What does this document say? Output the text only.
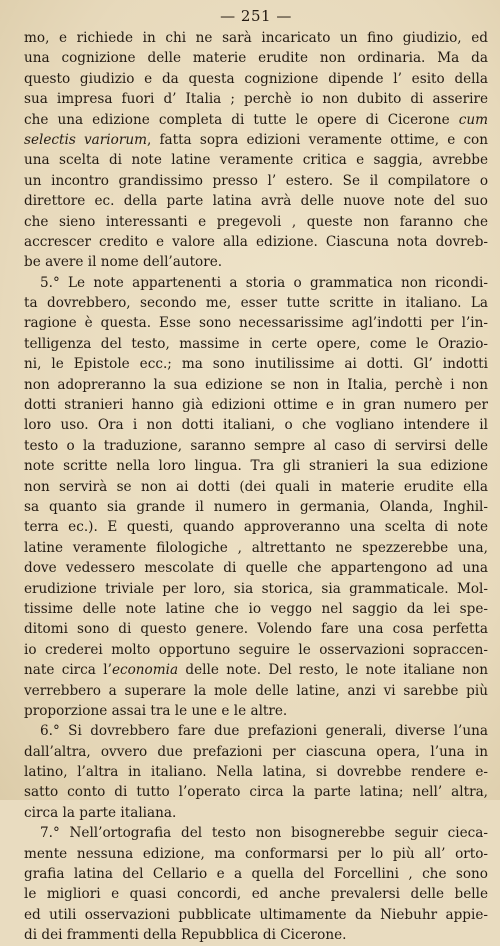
— 251 —
mo, e richiede in chi ne sarà incaricato un fino giudizio, ed
una cognizione delle materie erudite non ordinaria. Ma da
questo giudizio e da questa cognizione dipende l’ esito della
sua impresa fuori d’ Italia ; perchè io non dubito di asserire
che una edizione completa di tutte le opere di Cicerone cum
selectis variorum, fatta sopra edizioni veramente ottime, e con
una scelta di note latine veramente critica e saggia, avrebbe
un incontro grandissimo presso l’ estero. Se il compilatore o
direttore ec. della parte latina avrà delle nuove note del suo
che sieno interessanti e pregevoli , queste non faranno che
accrescer credito e valore alla edizione. Ciascuna nota dovreb-
be avere il nome dell’autore.
5.° Le note appartenenti a storia o grammatica non ricondi-
ta dovrebbero, secondo me, esser tutte scritte in italiano. La
ragione è questa. Esse sono necessarissime agl’indotti per l’in-
telligenza del testo, massime in certe opere, come le Orazio-
ni, le Epistole ecc.; ma sono inutilissime ai dotti. Gl’ indotti
non adopreranno la sua edizione se non in Italia, perchè i non
dotti stranieri hanno già edizioni ottime e in gran numero per
loro uso. Ora i non dotti italiani, o che vogliano intendere il
testo o la traduzione, saranno sempre al caso di servirsi delle
note scritte nella loro lingua. Tra gli stranieri la sua edizione
non servirà se non ai dotti (dei quali in materie erudite ella
sa quanto sia grande il numero in germania, Olanda, Inghil-
terra ec.). E questi, quando approveranno una scelta di note
latine veramente filologiche , altrettanto ne spezzerebbe una,
dove vedessero mescolate di quelle che appartengono ad una
erudizione triviale per loro, sia storica, sia grammaticale. Mol-
tissime delle note latine che io veggo nel saggio da lei spe-
ditomi sono di questo genere. Volendo fare una cosa perfetta
io crederei molto opportuno seguire le osservazioni sopraccen-
nate circa l’economia delle note. Del resto, le note italiane non
verrebbero a superare la mole delle latine, anzi vi sarebbe più
proporzione assai tra le une e le altre.
6.° Si dovrebbero fare due prefazioni generali, diverse l’una
dall’altra, ovvero due prefazioni per ciascuna opera, l’una in
latino, l’altra in italiano. Nella latina, si dovrebbe rendere e-
satto conto di tutto l’operato circa la parte latina; nell’ altra,
circa la parte italiana.
7.° Nell’ortografia del testo non bisognerebbe seguir cieca-
mente nessuna edizione, ma conformarsi per lo più all’ orto-
grafia latina del Cellario e a quella del Forcellini , che sono
le migliori e quasi concordi, ed anche prevalersi delle belle
ed utili osservazioni pubblicate ultimamente da Niebuhr appie-
di dei frammenti della Repubblica di Cicerone.
